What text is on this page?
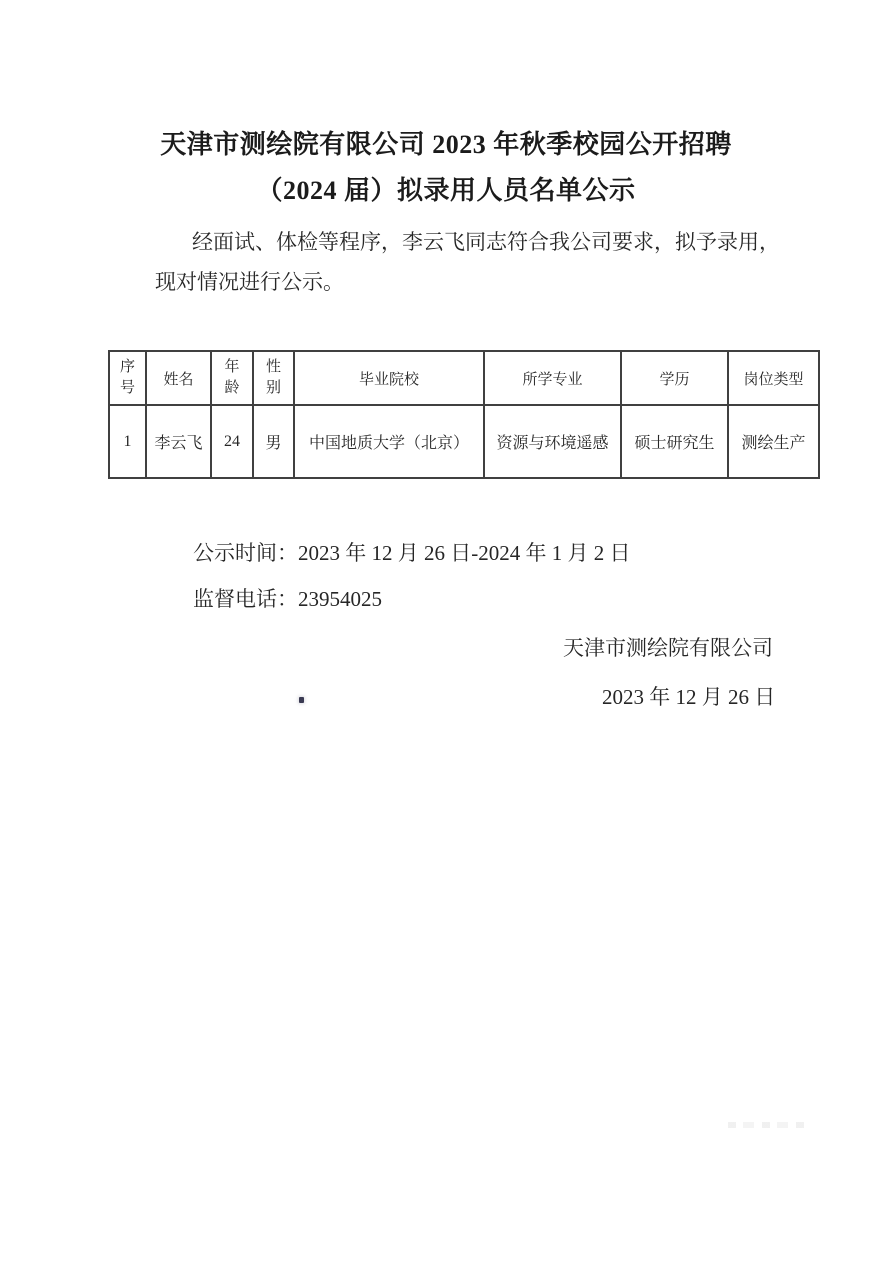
天津市测绘院有限公司 2023 年秋季校园公开招聘
（2024 届）拟录用人员名单公示
经面试、体检等程序，李云飞同志符合我公司要求，拟予录用，
现对情况进行公示。
序号	姓名	年龄	性别	毕业院校	所学专业	学历	岗位类型
1	李云飞	24	男	中国地质大学（北京）	资源与环境遥感	硕士研究生	测绘生产
公示时间：2023 年 12 月 26 日-2024 年 1 月 2 日
监督电话：23954025
天津市测绘院有限公司
2023 年 12 月 26 日
